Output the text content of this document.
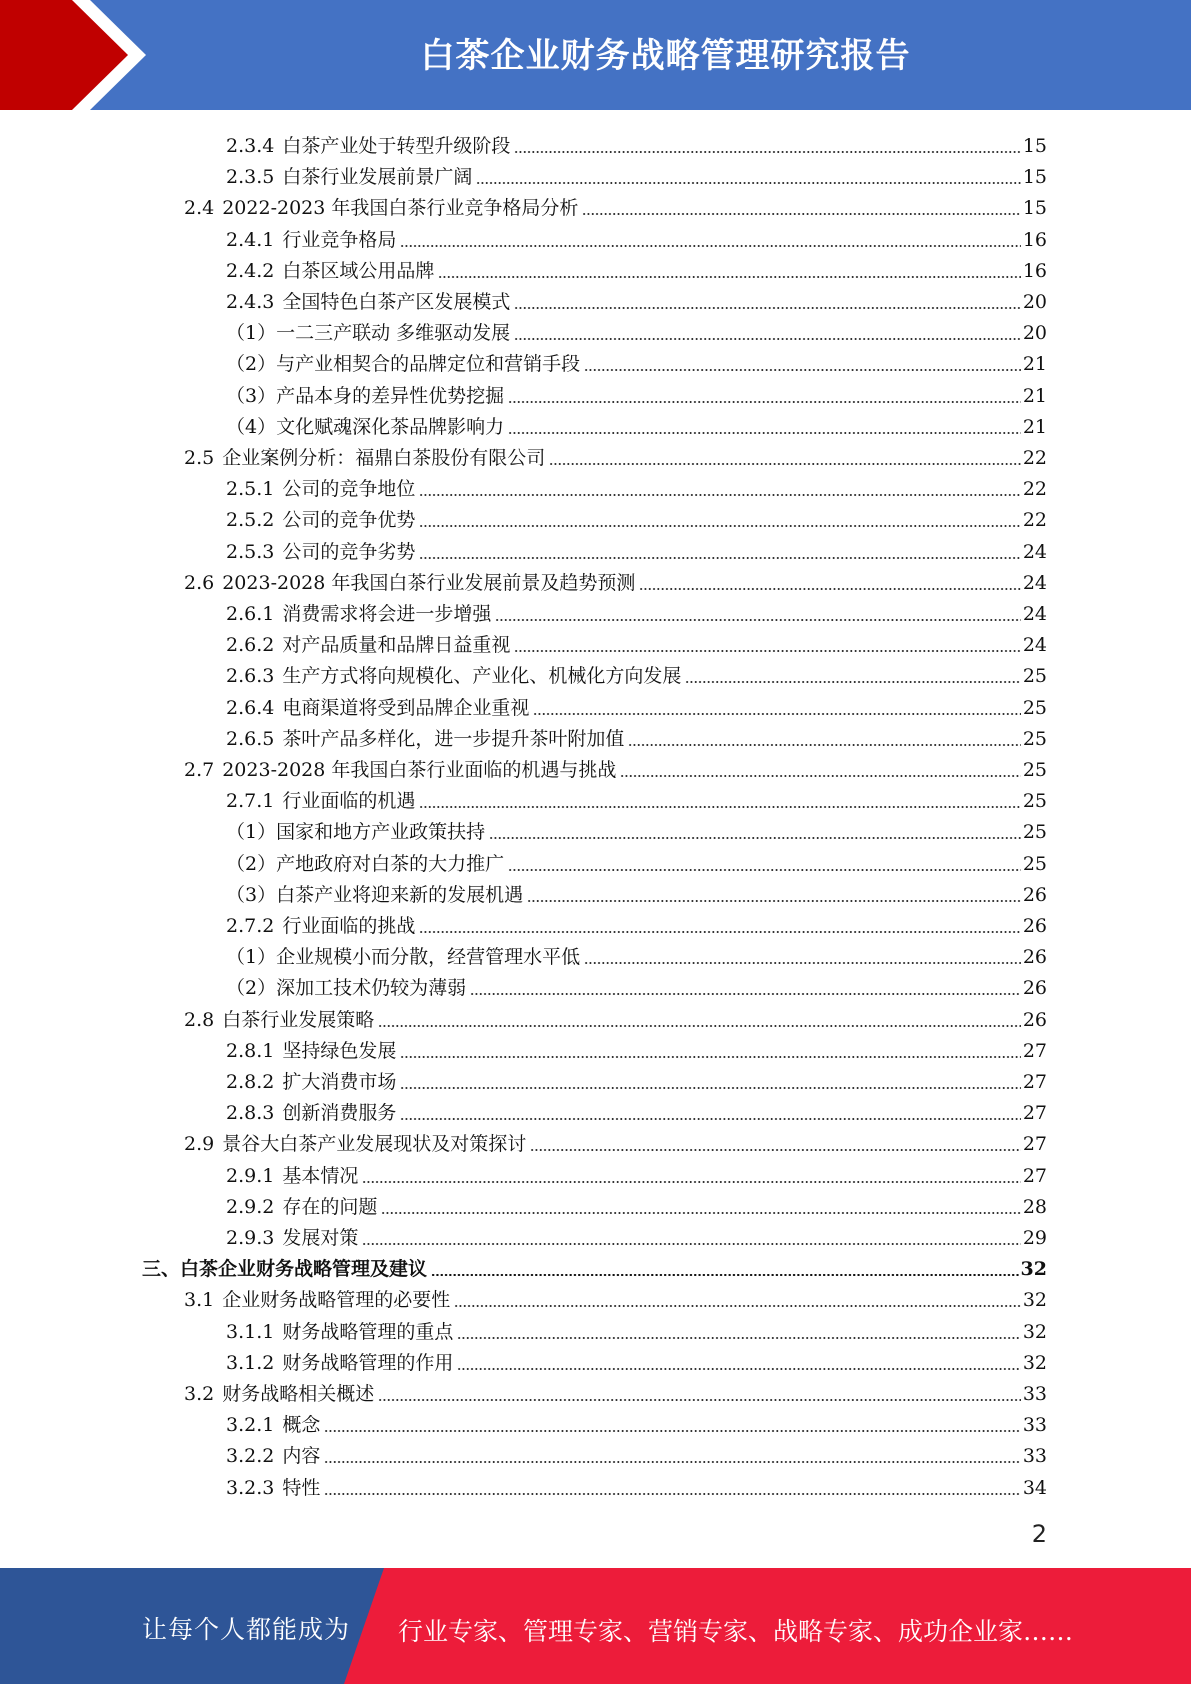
白茶企业财务战略管理研究报告
2.3.4 白茶产业处于转型升级阶段	15
2.3.5 白茶行业发展前景广阔	15
2.4 2022-2023 年我国白茶行业竞争格局分析	15
2.4.1 行业竞争格局	16
2.4.2 白茶区域公用品牌	16
2.4.3 全国特色白茶产区发展模式	20
（1） 一二三产联动 多维驱动发展	20
（2） 与产业相契合的品牌定位和营销手段	21
（3） 产品本身的差异性优势挖掘	21
（4） 文化赋魂深化茶品牌影响力	21
2.5 企业案例分析：福鼎白茶股份有限公司	22
2.5.1 公司的竞争地位	22
2.5.2 公司的竞争优势	22
2.5.3 公司的竞争劣势	24
2.6 2023-2028 年我国白茶行业发展前景及趋势预测	24
2.6.1 消费需求将会进一步增强	24
2.6.2 对产品质量和品牌日益重视	24
2.6.3 生产方式将向规模化、产业化、机械化方向发展	25
2.6.4 电商渠道将受到品牌企业重视	25
2.6.5 茶叶产品多样化，进一步提升茶叶附加值	25
2.7 2023-2028 年我国白茶行业面临的机遇与挑战	25
2.7.1 行业面临的机遇	25
（1） 国家和地方产业政策扶持	25
（2） 产地政府对白茶的大力推广	25
（3） 白茶产业将迎来新的发展机遇	26
2.7.2 行业面临的挑战	26
（1） 企业规模小而分散，经营管理水平低	26
（2） 深加工技术仍较为薄弱	26
2.8 白茶行业发展策略	26
2.8.1 坚持绿色发展	27
2.8.2 扩大消费市场	27
2.8.3 创新消费服务	27
2.9 景谷大白茶产业发展现状及对策探讨	27
2.9.1 基本情况	27
2.9.2 存在的问题	28
2.9.3 发展对策	29
三、 白茶企业财务战略管理及建议	32
3.1 企业财务战略管理的必要性	32
3.1.1 财务战略管理的重点	32
3.1.2 财务战略管理的作用	32
3.2 财务战略相关概述	33
3.2.1 概念	33
3.2.2 内容	33
3.2.3 特性	34
2
让每个人都能成为 行业专家、管理专家、营销专家、战略专家、成功企业家……
